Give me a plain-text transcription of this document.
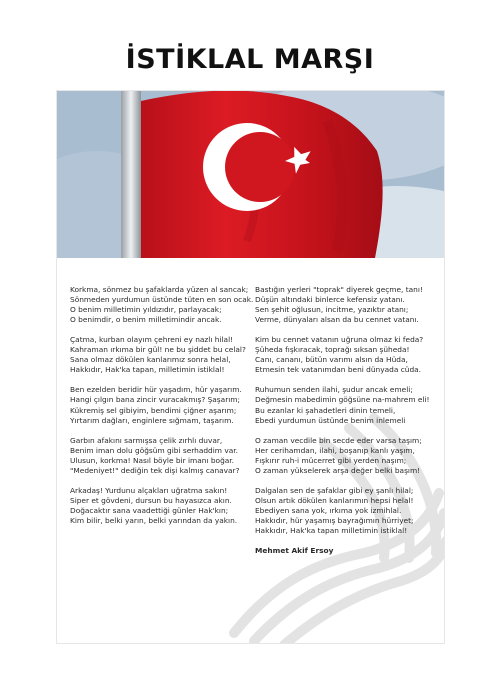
İSTİKLAL MARŞI
Korkma, sönmez bu şafaklarda yüzen al sancak;
Sönmeden yurdumun üstünde tüten en son ocak.
O benim milletimin yıldızıdır, parlayacak;
O benimdir, o benim milletimindir ancak.
Çatma, kurban olayım çehreni ey nazlı hilal!
Kahraman ırkıma bir gül! ne bu şiddet bu celal?
Sana olmaz dökülen kanlarımız sonra helal,
Hakkıdır, Hak'ka tapan, milletimin istiklal!
Ben ezelden beridir hür yaşadım, hür yaşarım.
Hangi çılgın bana zincir vuracakmış? Şaşarım;
Kükremiş sel gibiyim, bendimi çiğner aşarım;
Yırtarım dağları, enginlere sığmam, taşarım.
Garbın afakını sarmışsa çelik zırhlı duvar,
Benim iman dolu göğsüm gibi serhaddim var.
Ulusun, korkma! Nasıl böyle bir imanı boğar.
"Medeniyet!" dediğin tek dişi kalmış canavar?
Arkadaş! Yurdunu alçakları uğratma sakın!
Siper et gövdeni, dursun bu hayasızca akın.
Doğacaktır sana vaadettiği günler Hak'kın;
Kim bilir, belki yarın, belki yarından da yakın.
Bastığın yerleri "toprak" diyerek geçme, tanı!
Düşün altındaki binlerce kefensiz yatanı.
Sen şehit oğlusun, incitme, yazıktır atanı;
Verme, dünyaları alsan da bu cennet vatanı.
Kim bu cennet vatanın uğruna olmaz ki feda?
Şüheda fışkıracak, toprağı sıksan şüheda!
Canı, cananı, bütün varımı alsın da Hüda,
Etmesin tek vatanımdan beni dünyada cüda.
Ruhumun senden ilahi, şudur ancak emeli;
Değmesin mabedimin göğsüne na-mahrem eli!
Bu ezanlar ki şahadetleri dinin temeli,
Ebedi yurdumun üstünde benim inlemeli
O zaman vecdile bin secde eder varsa taşım;
Her cerihamdan, ilahi, boşanıp kanlı yaşım,
Fışkırır ruh-i mücerret gibi yerden naşım;
O zaman yükselerek arşa değer belki başım!
Dalgalan sen de şafaklar gibi ey şanlı hilal;
Olsun artık dökülen kanlarımın hepsi helal!
Ebediyen sana yok, ırkıma yok izmihlal.
Hakkıdır, hür yaşamış bayrağımın hürriyet;
Hakkıdır, Hak'ka tapan milletimin istiklal!
Mehmet Akif Ersoy
